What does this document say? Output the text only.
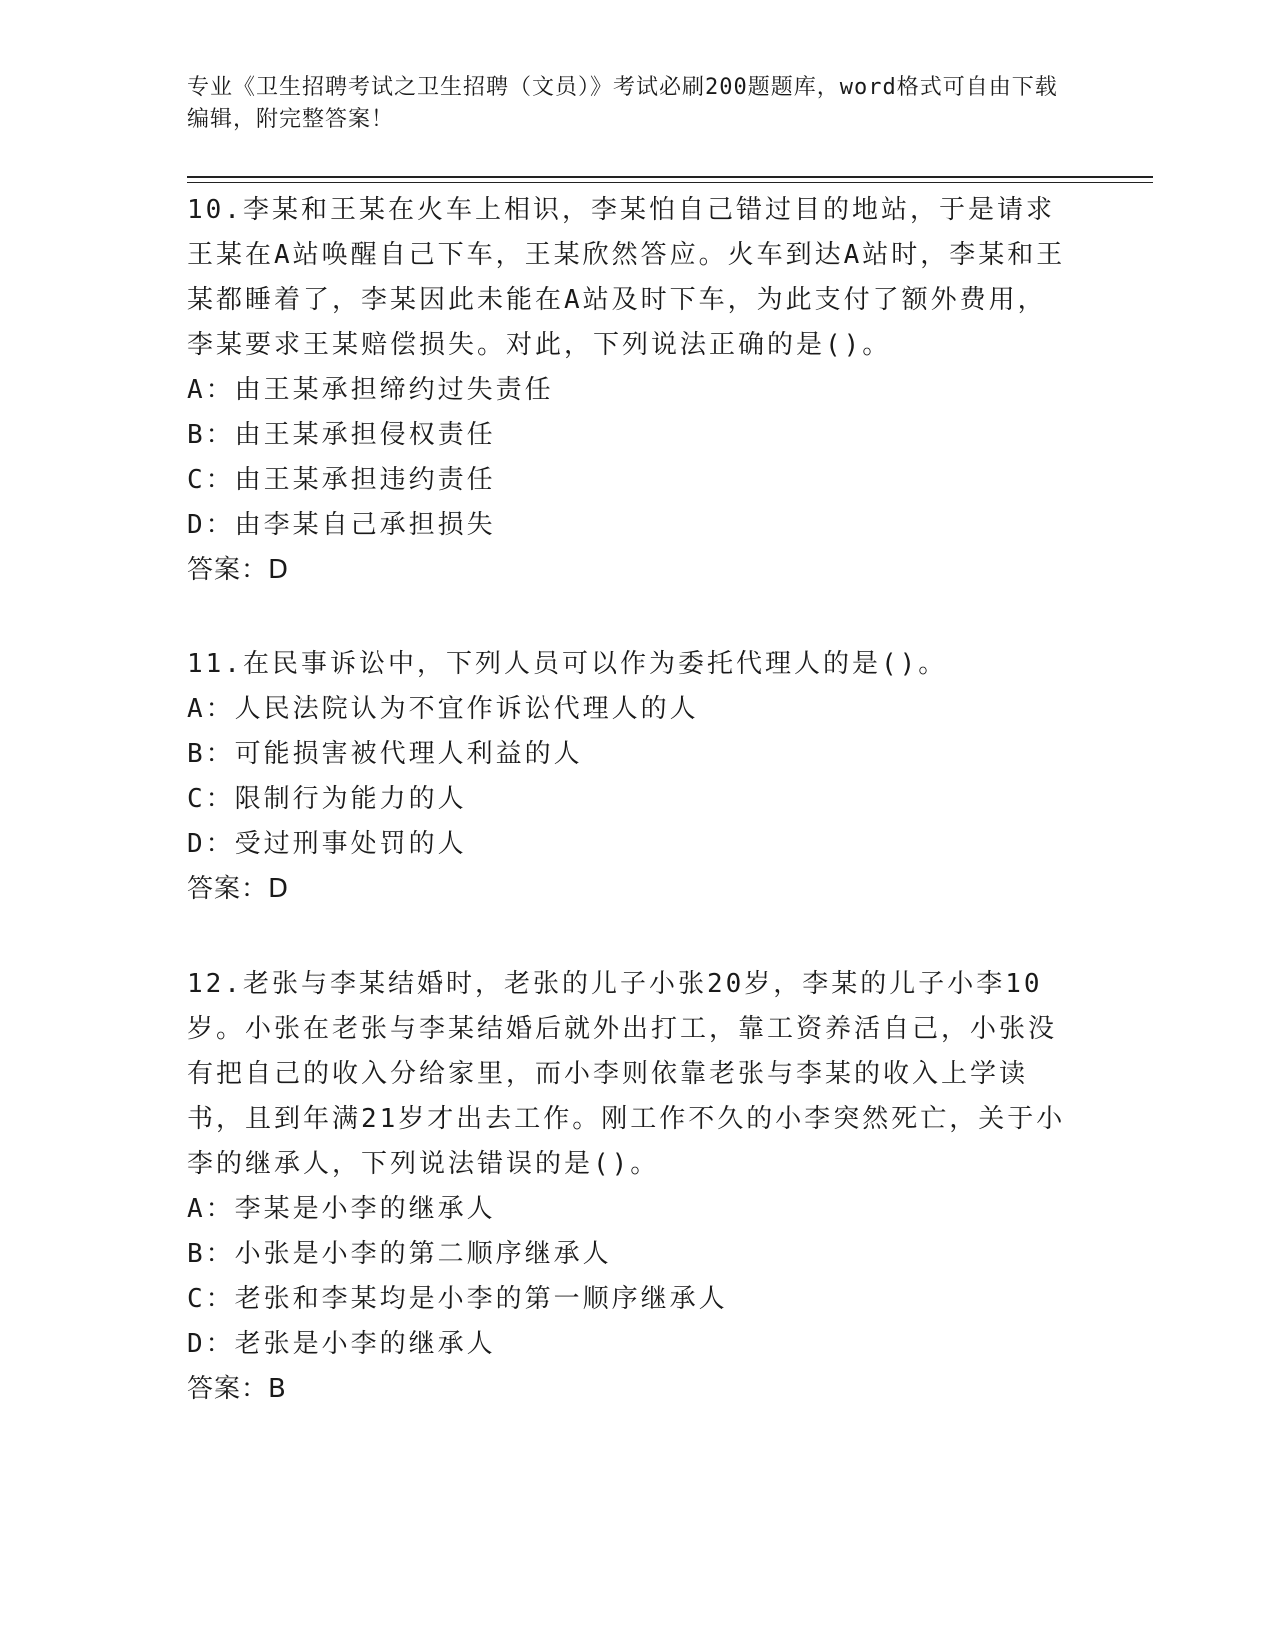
专业《卫生招聘考试之卫生招聘（文员）》考试必刷200题题库，word格式可自由下载编辑，附完整答案！
10.李某和王某在火车上相识，李某怕自己错过目的地站，于是请求王某在A站唤醒自己下车，王某欣然答应。火车到达A站时，李某和王某都睡着了，李某因此未能在A站及时下车，为此支付了额外费用，李某要求王某赔偿损失。对此，下列说法正确的是()。
A：由王某承担缔约过失责任
B：由王某承担侵权责任
C：由王某承担违约责任
D：由李某自己承担损失
答案：D
11.在民事诉讼中，下列人员可以作为委托代理人的是()。
A：人民法院认为不宜作诉讼代理人的人
B：可能损害被代理人利益的人
C：限制行为能力的人
D：受过刑事处罚的人
答案：D
12.老张与李某结婚时，老张的儿子小张20岁，李某的儿子小李10岁。小张在老张与李某结婚后就外出打工，靠工资养活自己，小张没有把自己的收入分给家里，而小李则依靠老张与李某的收入上学读书，且到年满21岁才出去工作。刚工作不久的小李突然死亡，关于小李的继承人，下列说法错误的是()。
A：李某是小李的继承人
B：小张是小李的第二顺序继承人
C：老张和李某均是小李的第一顺序继承人
D：老张是小李的继承人
答案：B
